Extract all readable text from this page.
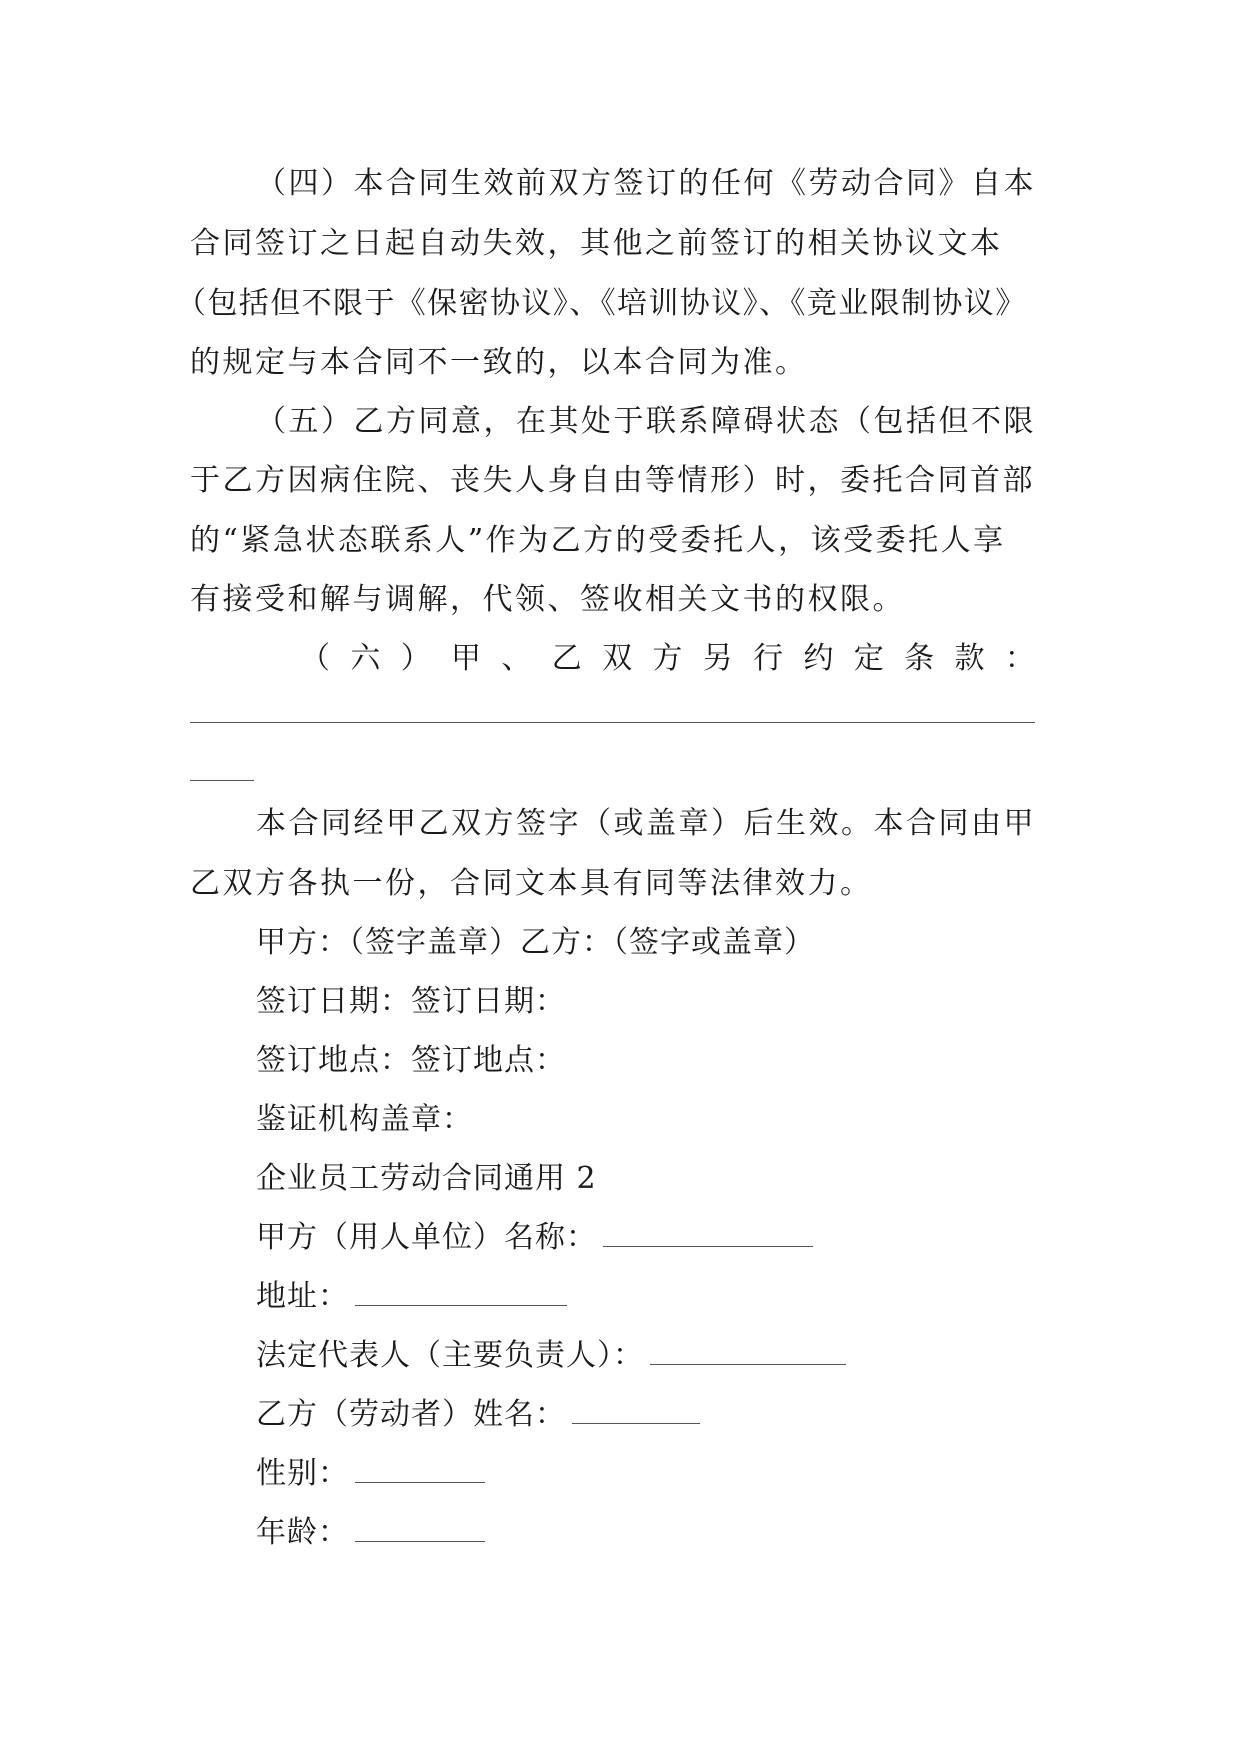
（四）本合同生效前双方签订的任何《劳动合同》自本
合同签订之日起自动失效，其他之前签订的相关协议文本
（包括但不限于《保密协议》、《培训协议》、《竞业限制协议》
的规定与本合同不一致的，以本合同为准。
（五）乙方同意，在其处于联系障碍状态（包括但不限
于乙方因病住院、丧失人身自由等情形）时，委托合同首部
的“紧急状态联系人”作为乙方的受委托人，该受委托人享
有接受和解与调解，代领、签收相关文书的权限。
（ 六 ） 甲 、 乙 双 方 另 行 约 定 条 款 ：
本合同经甲乙双方签字（或盖章）后生效。本合同由甲
乙双方各执一份，合同文本具有同等法律效力。
甲方：（签字盖章）乙方：（签字或盖章）
签订日期：签订日期：
签订地点：签订地点：
鉴证机构盖章：
企业员工劳动合同通用 2
甲方（用人单位）名称：
地址：
法定代表人（主要负责人）：
乙方（劳动者）姓名：
性别：
年龄：
